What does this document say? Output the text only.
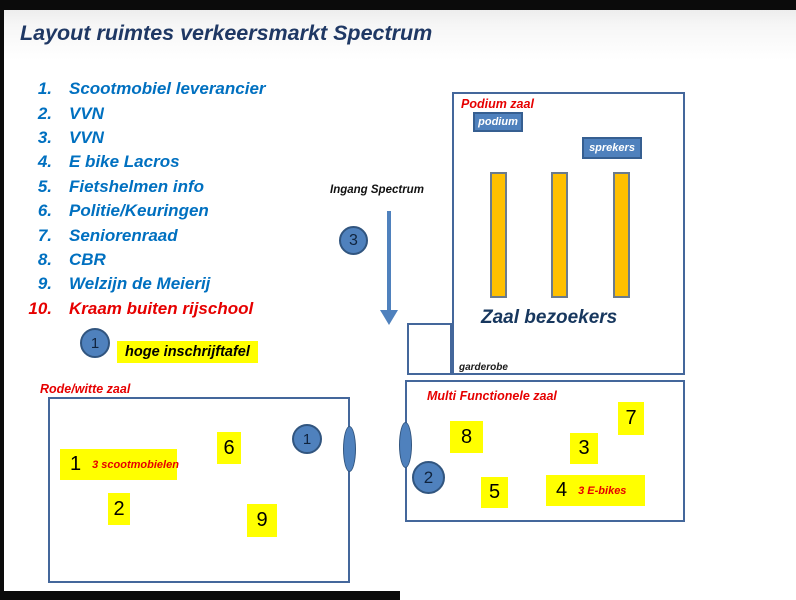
Layout ruimtes verkeersmarkt Spectrum
1. Scootmobiel leverancier
2. VVN
3. VVN
4. E bike Lacros
5. Fietshelmen info
6. Politie/Keuringen
7. Seniorenraad
8. CBR
9. Welzijn de Meierij
10. Kraam buiten rijschool
Ingang Spectrum
3
1
hoge inschrijftafel
Podium zaal
podium
sprekers
Zaal bezoekers
garderobe
Multi Functionele zaal
2
8
7
3
5	4 3 E-bikes
Rode/witte zaal
1
1 3 scootmobielen
6
2
9
